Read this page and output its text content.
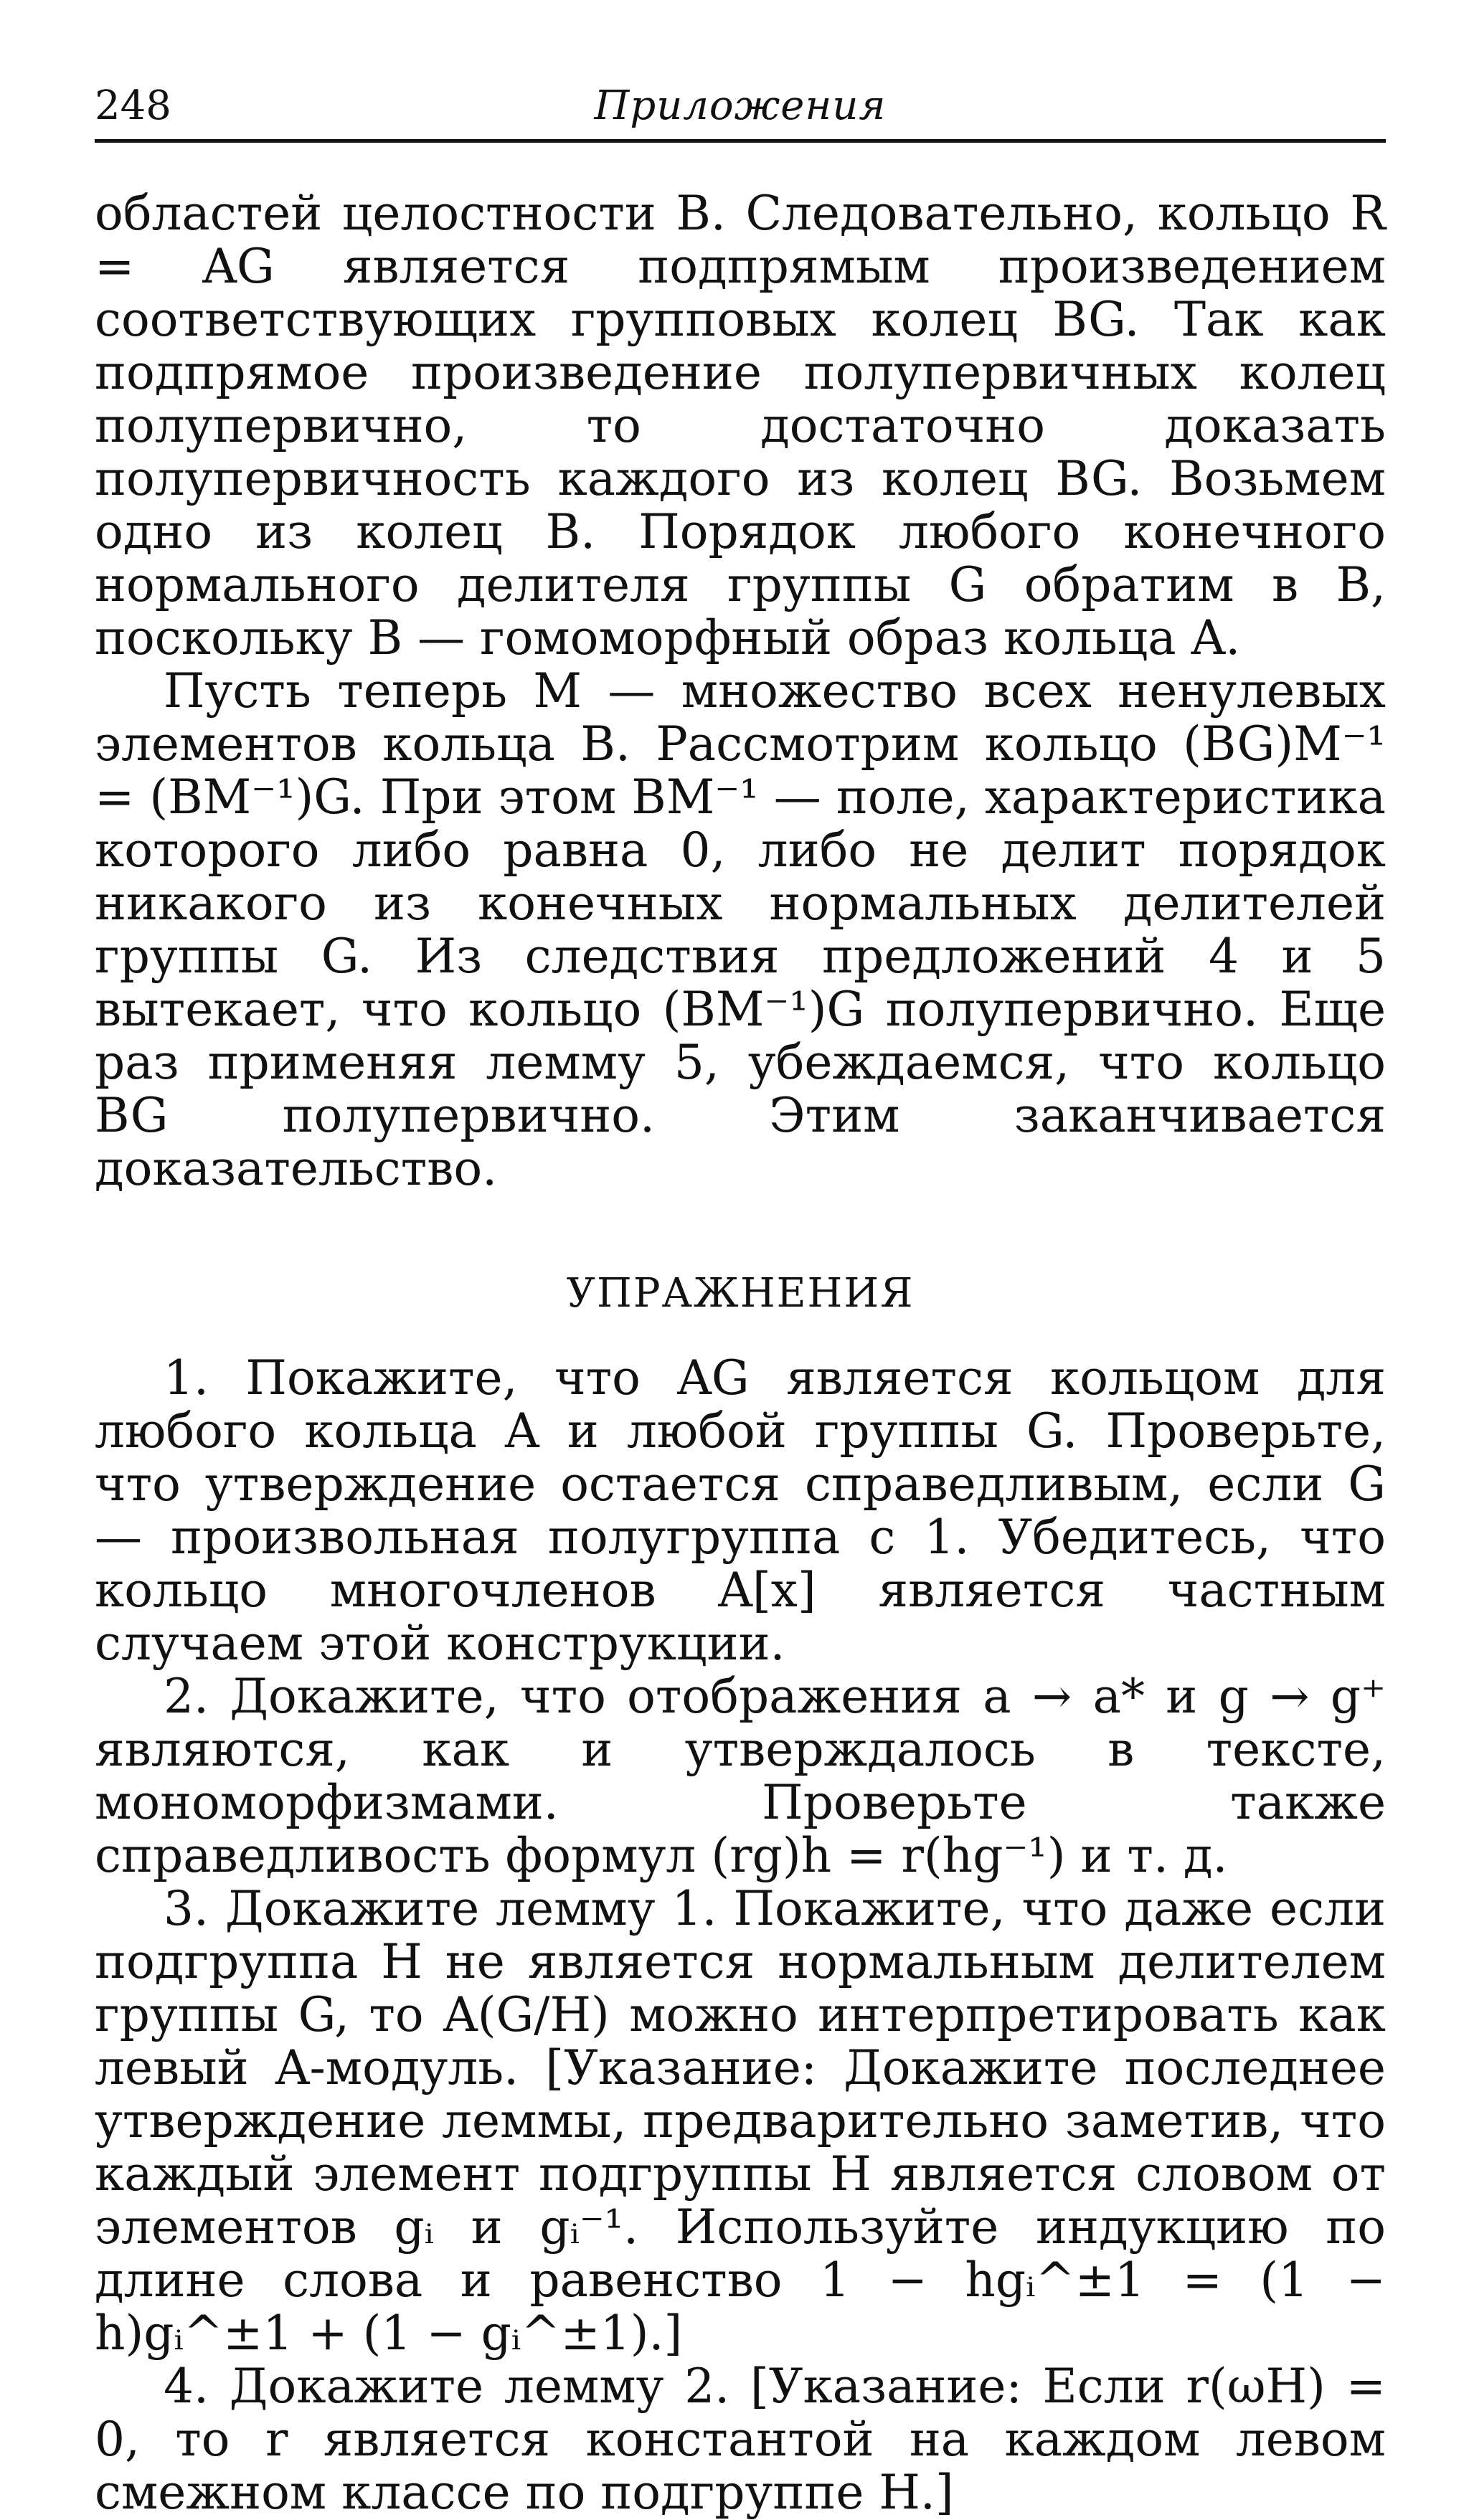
248	Приложения

областей целостности B. Следовательно, кольцо R = AG является подпрямым произведением соответствующих групповых колец BG. Так как подпрямое произведение полупервичных колец полупервично, то достаточно доказать полупервичность каждого из колец BG. Возьмем одно из колец B. Порядок любого конечного нормального делителя группы G обратим в B, поскольку B — гомоморфный образ кольца A.

Пусть теперь M — множество всех ненулевых элементов кольца B. Рассмотрим кольцо (BG)M⁻¹ = (BM⁻¹)G. При этом BM⁻¹ — поле, характеристика которого либо равна 0, либо не делит порядок никакого из конечных нормальных делителей группы G. Из следствия предложений 4 и 5 вытекает, что кольцо (BM⁻¹)G полупервично. Еще раз применяя лемму 5, убеждаемся, что кольцо BG полупервично. Этим заканчивается доказательство.

УПРАЖНЕНИЯ

1. Покажите, что AG является кольцом для любого кольца A и любой группы G. Проверьте, что утверждение остается справедливым, если G — произвольная полугруппа с 1. Убедитесь, что кольцо многочленов A[x] является частным случаем этой конструкции.

2. Докажите, что отображения a → a* и g → g⁺ являются, как и утверждалось в тексте, мономорфизмами. Проверьте также справедливость формул (rg)h = r(hg⁻¹) и т. д.

3. Докажите лемму 1. Покажите, что даже если подгруппа H не является нормальным делителем группы G, то A(G/H) можно интерпретировать как левый A-модуль. [Указание: Докажите последнее утверждение леммы, предварительно заметив, что каждый элемент подгруппы H является словом от элементов gᵢ и gᵢ⁻¹. Используйте индукцию по длине слова и равенство 1 − hgᵢ^±1 = (1 − h)gᵢ^±1 + (1 − gᵢ^±1).]

4. Докажите лемму 2. [Указание: Если r(ωH) = 0, то r является константой на каждом левом смежном классе по подгруппе H.]
